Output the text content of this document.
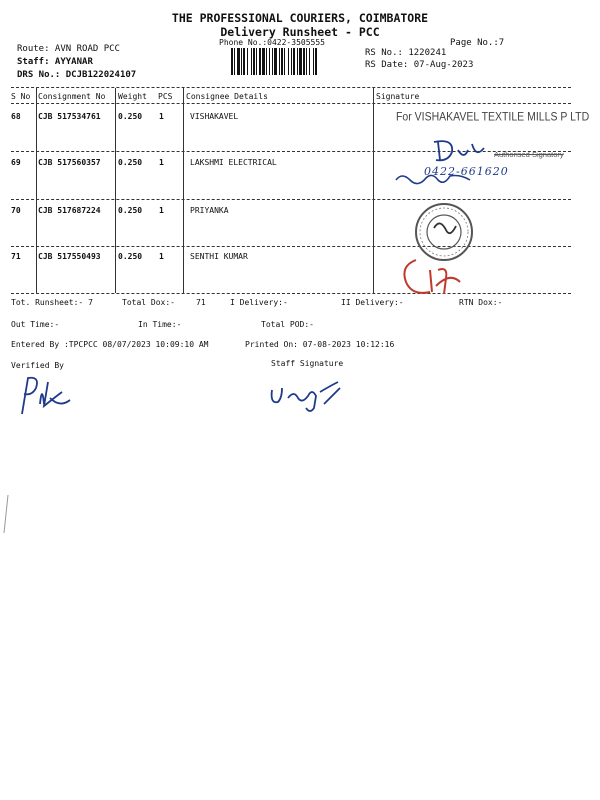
THE PROFESSIONAL COURIERS, COIMBATORE
Delivery Runsheet - PCC
Phone No.:0422-3505555	Page No.:7
Route: AVN ROAD PCC
Staff: AYYANAR
DRS No.: DCJB122024107
RS No.: 1220241
RS Date: 07-Aug-2023
S No Consignment No Weight PCS Consignee Details	Signature
68 CJB 517534761 0.250 1	VISHAKAVEL
69 CJB 517560357 0.250 1	LAKSHMI ELECTRICAL
70 CJB 517687224 0.250 1	PRIYANKA
71 CJB 517550493 0.250 1	SENTHI KUMAR
For VISHAKAVEL TEXTILE MILLS P LTD
Authorised Signatory
0422-661620
Tot. Runsheet:- 7	Total Dox:-	71	I Delivery:-	II Delivery:-	RTN Dox:-
Out Time:-	In Time:-	Total POD:-
Entered By :TPCPCC 08/07/2023 10:09:10 AM	Printed On: 07-08-2023 10:12:16
Verified By	Staff Signature
